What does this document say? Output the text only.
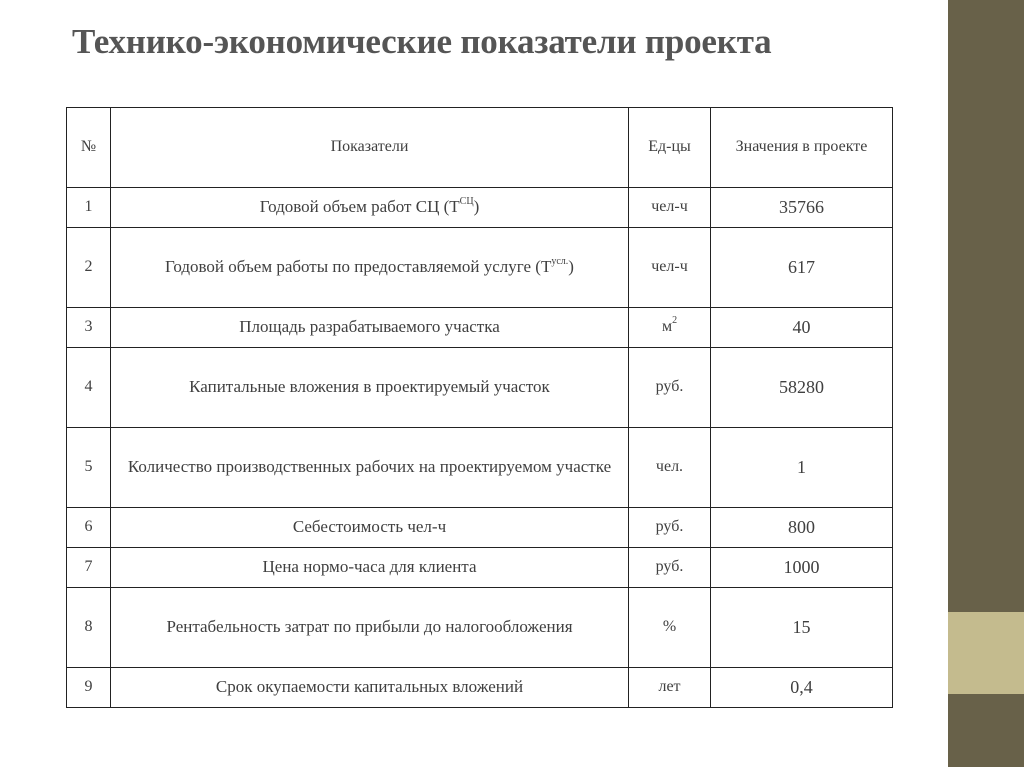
Технико-экономические показатели проекта
№	Показатели	Ед-цы	Значения в проекте
1	Годовой объем работ СЦ $(Т^{СЦ})$	чел-ч	35766
2	Годовой объем работы по предоставляемой услуге $(Т^{усл.})$	чел-ч	617
3	Площадь разрабатываемого участка	$м^2$	40
4	Капитальные вложения в проектируемый участок	руб.	58280
5	Количество производственных рабочих на проектируемом участке	чел.	1
6	Себестоимость чел-ч	руб.	800
7	Цена нормо-часа для клиента	руб.	1000
8	Рентабельность затрат по прибыли до налогообложения	%	15
9	Срок окупаемости капитальных вложений	лет	0,4
